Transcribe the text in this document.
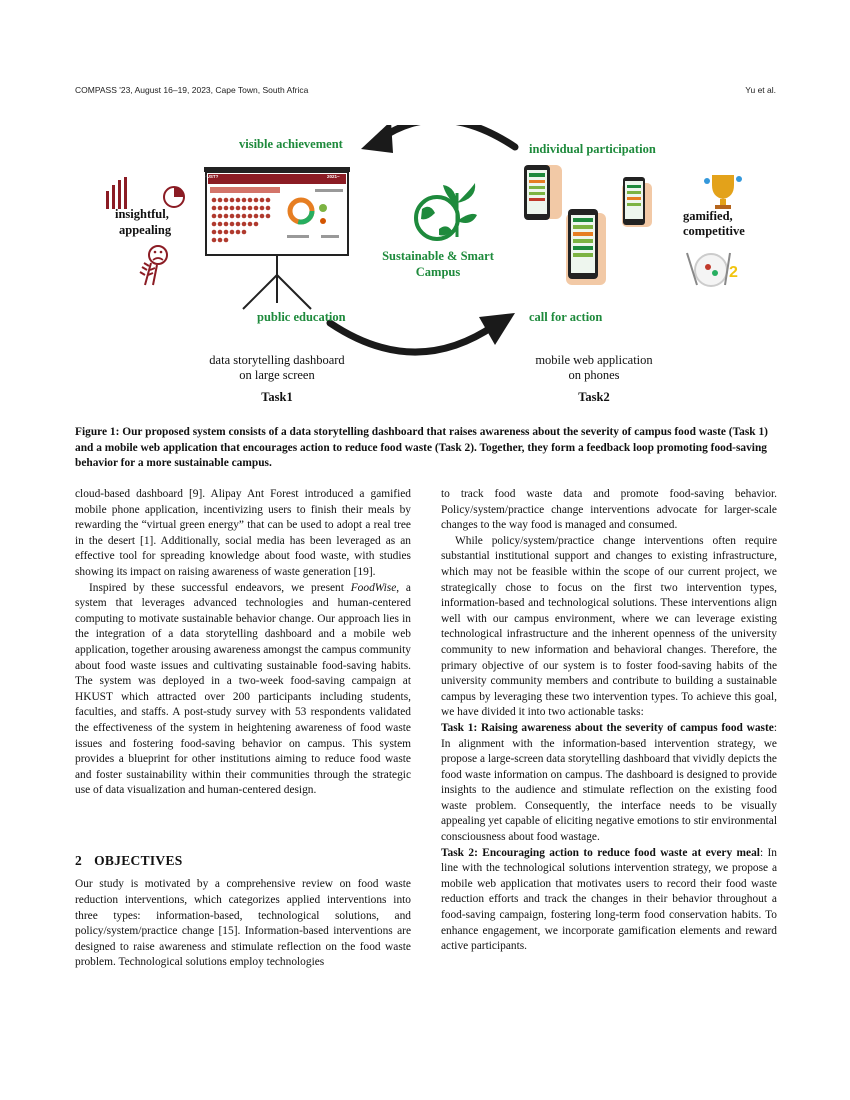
COMPASS '23, August 16–19, 2023, Cape Town, South Africa	Yu et al.
2
visible achievement	individual participation
public education	call for action
insightful,
appealing
gamified,
competitive
Sustainable & Smart
Campus
data storytelling dashboard
on large screen
Task1
mobile web application
on phones
Task2
How much FOOD we WASTED @ UST?	2021~
Figure 1: Our proposed system consists of a data storytelling dashboard that raises awareness about the severity of campus food waste (Task 1) and a mobile web application that encourages action to reduce food waste (Task 2). Together, they form a feedback loop promoting food-saving behavior for a more sustainable campus.

cloud-based dashboard [9]. Alipay Ant Forest introduced a gamified mobile phone application, incentivizing users to finish their meals by rewarding the “virtual green energy” that can be used to adopt a real tree in the desert [1]. Additionally, social media has been leveraged as an effective tool for spreading knowledge about food waste, with studies showing its impact on raising awareness of waste generation [19].

Inspired by these successful endeavors, we present FoodWise, a system that leverages advanced technologies and human-centered computing to motivate sustainable behavior change. Our approach lies in the integration of a data storytelling dashboard and a mobile web application, together arousing awareness amongst the campus community about food waste issues and cultivating sustainable food-saving habits. The system was deployed in a two-week food-saving campaign at HKUST which attracted over 200 participants including students, faculties, and staffs. A post-study survey with 53 respondents validated the effectiveness of the system in heightening awareness of food waste issues and fostering food-saving behavior on campus. This system provides a blueprint for other institutions aiming to reduce food waste and foster sustainability within their communities through the strategic use of data visualization and human-centered design.

2 OBJECTIVES

Our study is motivated by a comprehensive review on food waste reduction interventions, which categorizes applied interventions into three types: information-based, technological solutions, and policy/system/practice change [15]. Information-based interventions are designed to raise awareness and stimulate reflection on the food waste problem. Technological solutions employ technologies

to track food waste data and promote food-saving behavior. Policy/system/practice change interventions advocate for larger-scale changes to the way food is managed and consumed.

While policy/system/practice change interventions often require substantial institutional support and changes to existing infrastructure, which may not be feasible within the scope of our current project, we strategically chose to focus on the first two intervention types, information-based and technological solutions. These interventions align well with our campus environment, where we can leverage existing technological infrastructure and the inherent openness of the university community to new information and behavioral changes. Therefore, the primary objective of our system is to foster food-saving habits of the university community members and contribute to building a sustainable campus by leveraging these two intervention types. To achieve this goal, we have divided it into two actionable tasks:

Task 1: Raising awareness about the severity of campus food waste: In alignment with the information-based intervention strategy, we propose a large-screen data storytelling dashboard that vividly depicts the food waste information on campus. The dashboard is designed to provide insights to the audience and stimulate reflection on the existing food waste problem. Consequently, the interface needs to be visually appealing yet capable of eliciting negative emotions to stir environmental consciousness about food wastage.

Task 2: Encouraging action to reduce food waste at every meal: In line with the technological solutions intervention strategy, we propose a mobile web application that motivates users to record their food waste reduction efforts and track the changes in their behavior throughout a food-saving campaign, fostering long-term food conservation habits. To enhance engagement, we incorporate gamification elements and reward active participants.
